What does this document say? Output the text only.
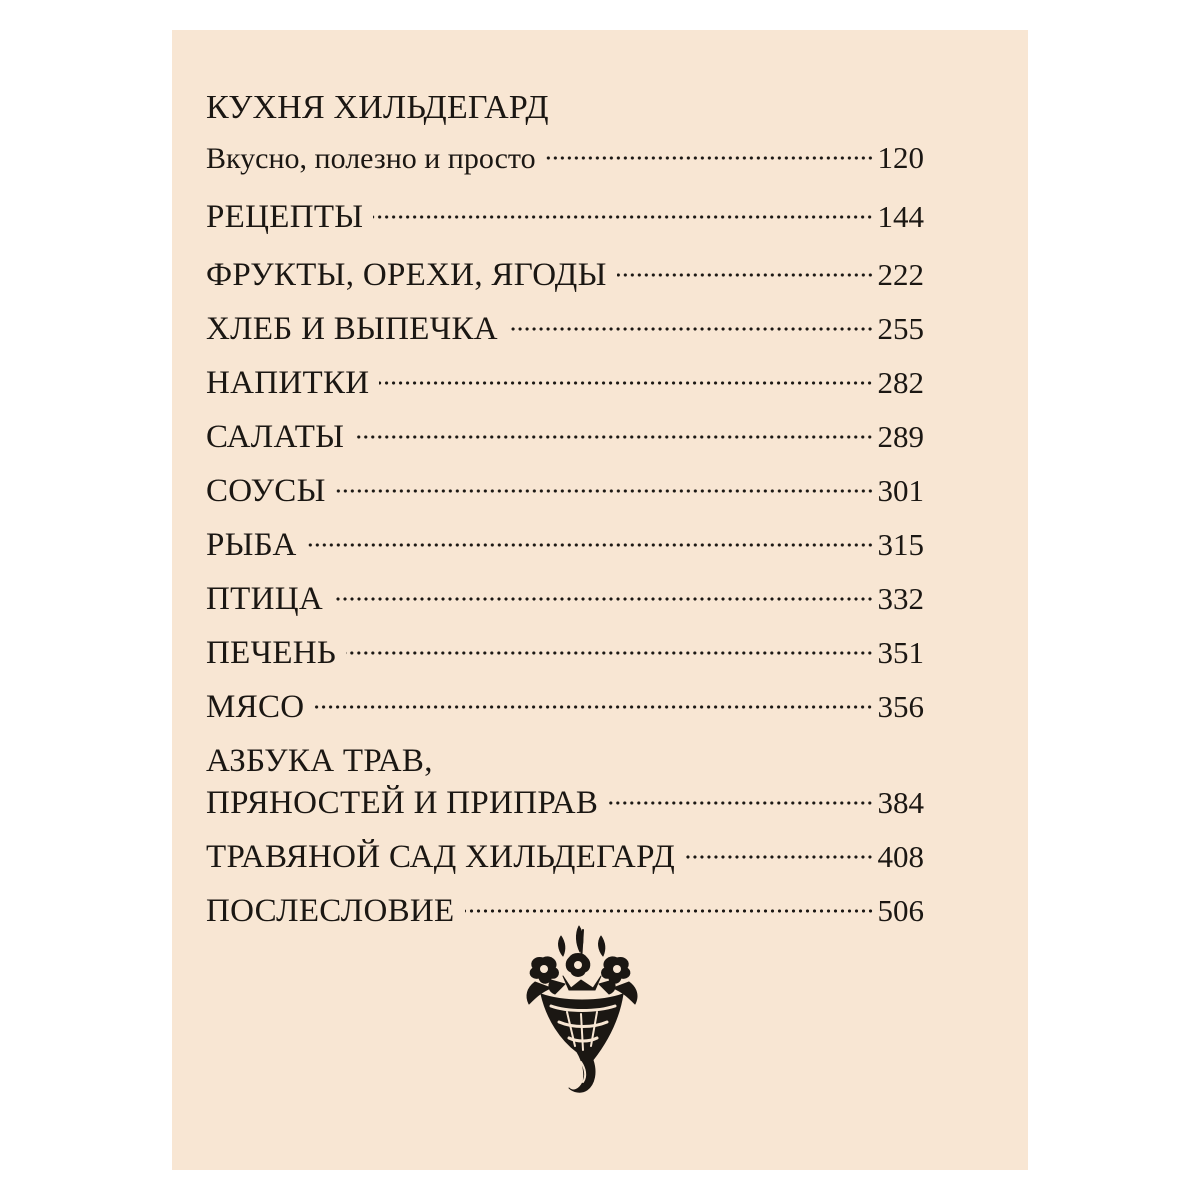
КУХНЯ ХИЛЬДЕГАРД
Вкусно, полезно и просто	120
РЕЦЕПТЫ	144
ФРУКТЫ, ОРЕХИ, ЯГОДЫ	222
ХЛЕБ И ВЫПЕЧКА	255
НАПИТКИ	282
САЛАТЫ	289
СОУСЫ	301
РЫБА	315
ПТИЦА	332
ПЕЧЕНЬ	351
МЯСО	356
АЗБУКА ТРАВ,
ПРЯНОСТЕЙ И ПРИПРАВ	384
ТРАВЯНОЙ САД ХИЛЬДЕГАРД	408
ПОСЛЕСЛОВИЕ	506
